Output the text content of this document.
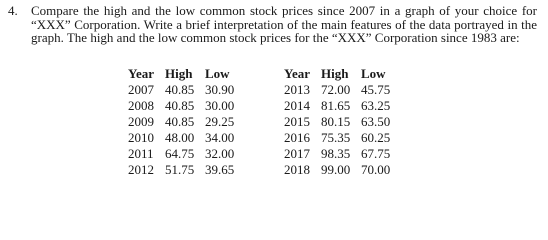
4. Compare the high and the low common stock prices since 2007 in a graph of your choice for “XXX” Corporation. Write a brief interpretation of the main features of the data portrayed in the graph. The high and the low common stock prices for the “XXX” Corporation since 1983 are:
Year	High	Low
2007	40.85	30.90
2008	40.85	30.00
2009	40.85	29.25
2010	48.00	34.00
2011	64.75	32.00
2012	51.75	39.65
Year	High	Low
2013	72.00	45.75
2014	81.65	63.25
2015	80.15	63.50
2016	75.35	60.25
2017	98.35	67.75
2018	99.00	70.00
